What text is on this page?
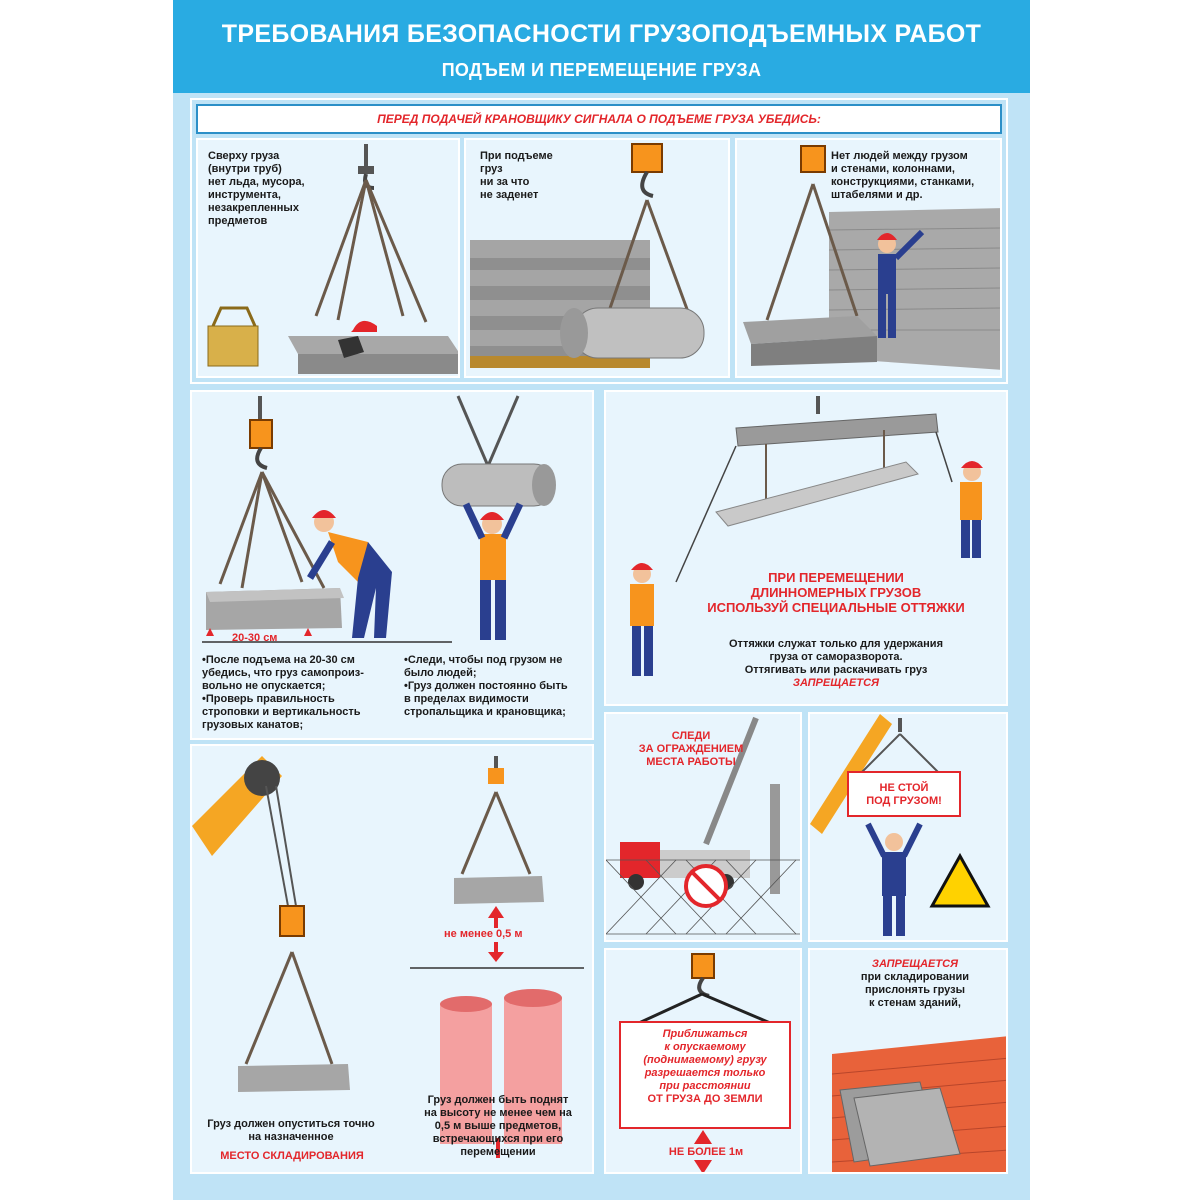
ТРЕБОВАНИЯ БЕЗОПАСНОСТИ ГРУЗОПОДЪЕМНЫХ РАБОТ
ПОДЪЕМ И ПЕРЕМЕЩЕНИЕ ГРУЗА
ПЕРЕД ПОДАЧЕЙ КРАНОВЩИКУ СИГНАЛА О ПОДЪЕМЕ ГРУЗА УБЕДИСЬ:
Сверху груза
(внутри труб)
нет льда, мусора,
инструмента,
незакрепленных
предметов
При подъеме
груз
ни за что
не заденет
Нет людей между грузом
и стенами, колоннами,
конструкциями, станками,
штабелями и др.
20-30 см
•После подъема на 20-30 см
убедись, что груз самопроиз-
вольно не опускается;
•Проверь правильность
строповки и вертикальность
грузовых канатов;
•Следи, чтобы под грузом не
было людей;
•Груз должен постоянно быть
в пределах видимости
стропальщика и крановщика;
Груз должен опуститься точно
на назначенное
МЕСТО СКЛАДИРОВАНИЯ
не менее 0,5 м
Груз должен быть поднят
на высоту не менее чем на
0,5 м выше предметов,
встречающихся при его
перемещении
ПРИ ПЕРЕМЕЩЕНИИ
ДЛИННОМЕРНЫХ ГРУЗОВ
ИСПОЛЬЗУЙ СПЕЦИАЛЬНЫЕ ОТТЯЖКИ
Оттяжки служат только для удержания
груза от саморазворота.
Оттягивать или раскачивать груз
ЗАПРЕЩАЕТСЯ
СЛЕДИ
ЗА ОГРАЖДЕНИЕМ
МЕСТА РАБОТЫ
НЕ СТОЙ
ПОД ГРУЗОМ!
Приближаться
к опускаемому
(поднимаемому) грузу
разрешается только
при расстоянии
ОТ ГРУЗА ДО ЗЕМЛИ
НЕ БОЛЕЕ 1м
ЗАПРЕЩАЕТСЯ
при складировании
прислонять грузы
к стенам зданий,
